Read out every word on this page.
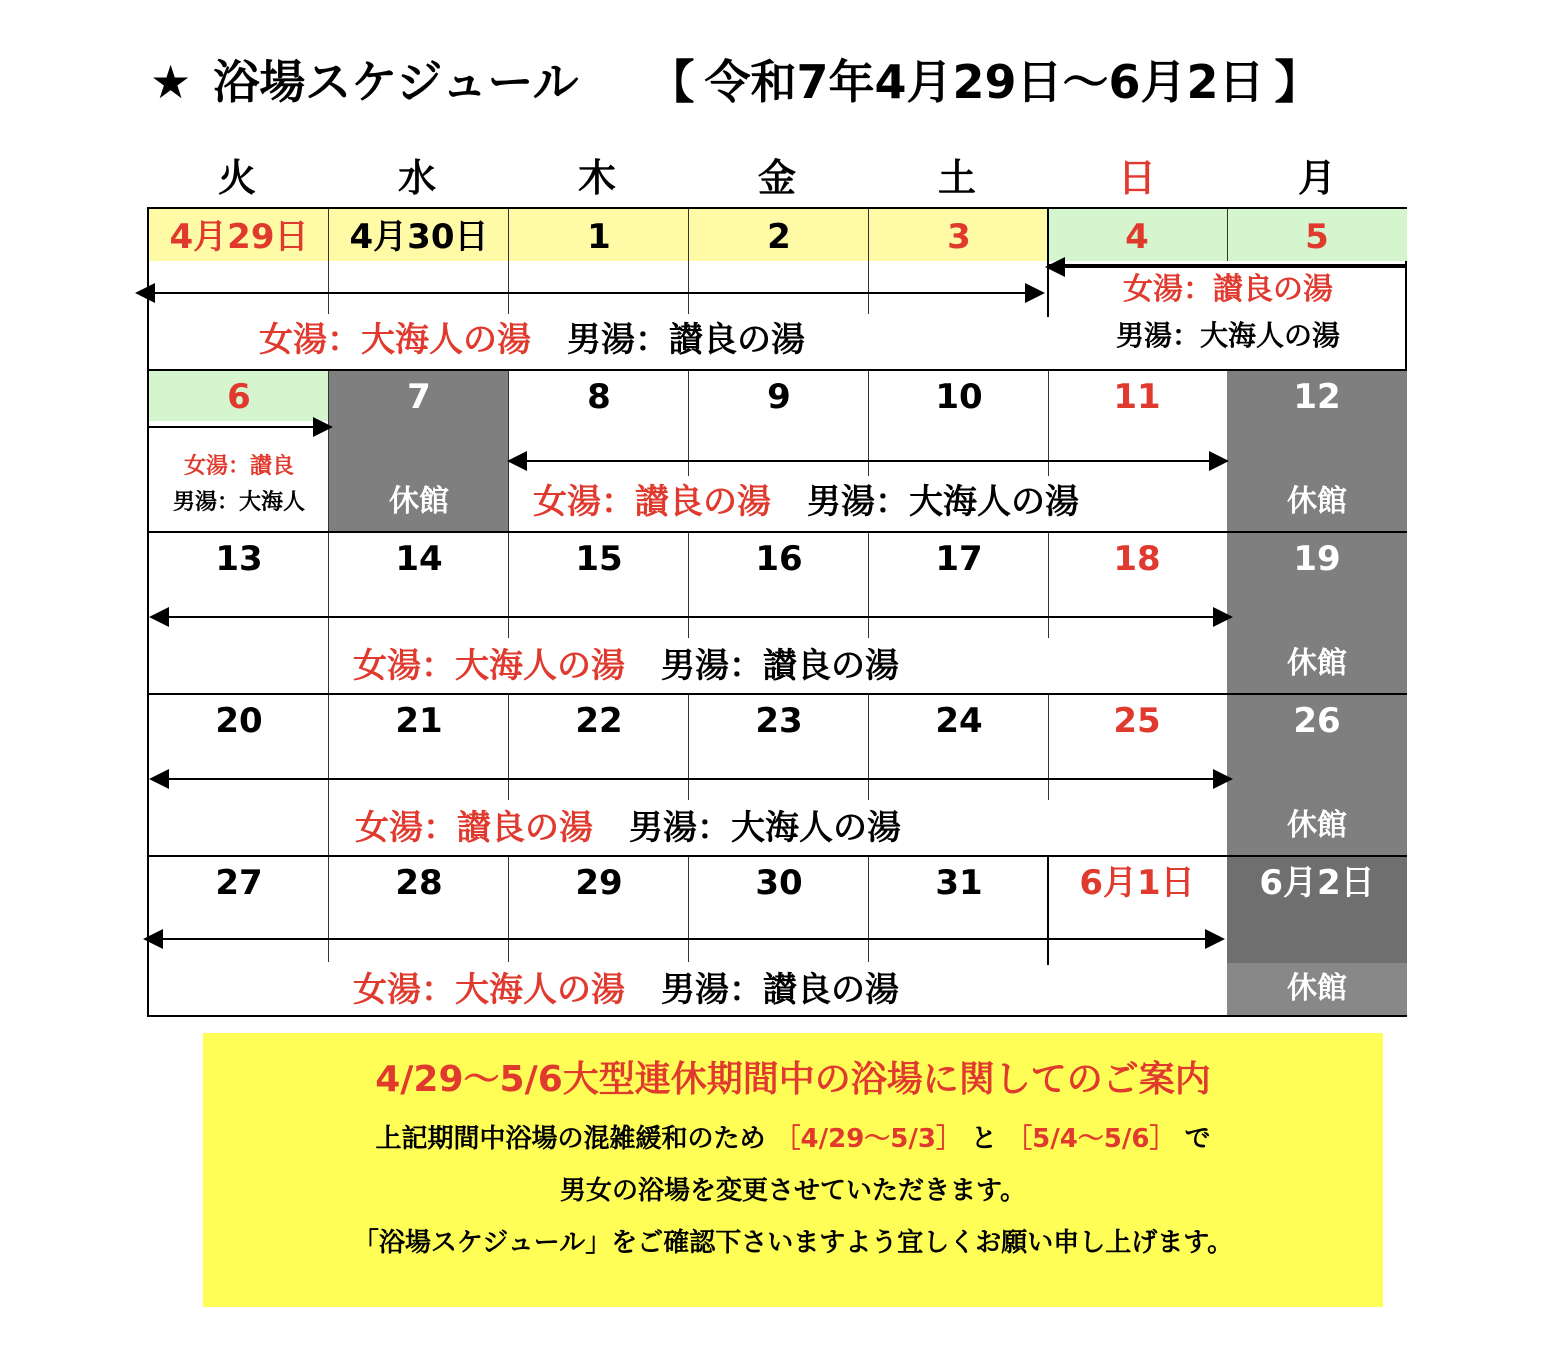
★ 浴場スケジュール 【 令和7年4月29日～6月2日 】
火	水	木	金	土	日	月
4月29日	4月30日	1	2	3	4	5
女湯：大海人の湯 男湯：讃良の湯
女湯：讃良の湯
男湯：大海人の湯
6	7	8	9	10	11	12
女湯：讃良
男湯：大海人	休館	女湯：讃良の湯 男湯：大海人の湯	休館
13	14	15	16	17	18	19
女湯：大海人の湯 男湯：讃良の湯	休館
20	21	22	23	24	25	26
女湯：讃良の湯 男湯：大海人の湯	休館
27	28	29	30	31	6月1日	6月2日
女湯：大海人の湯 男湯：讃良の湯	休館
4/29～5/6大型連休期間中の浴場に関してのご案内
上記期間中浴場の混雑緩和のため ［4/29～5/3］ と ［5/4～5/6］ で
男女の浴場を変更させていただきます。
「浴場スケジュール」をご確認下さいますよう宜しくお願い申し上げます。
